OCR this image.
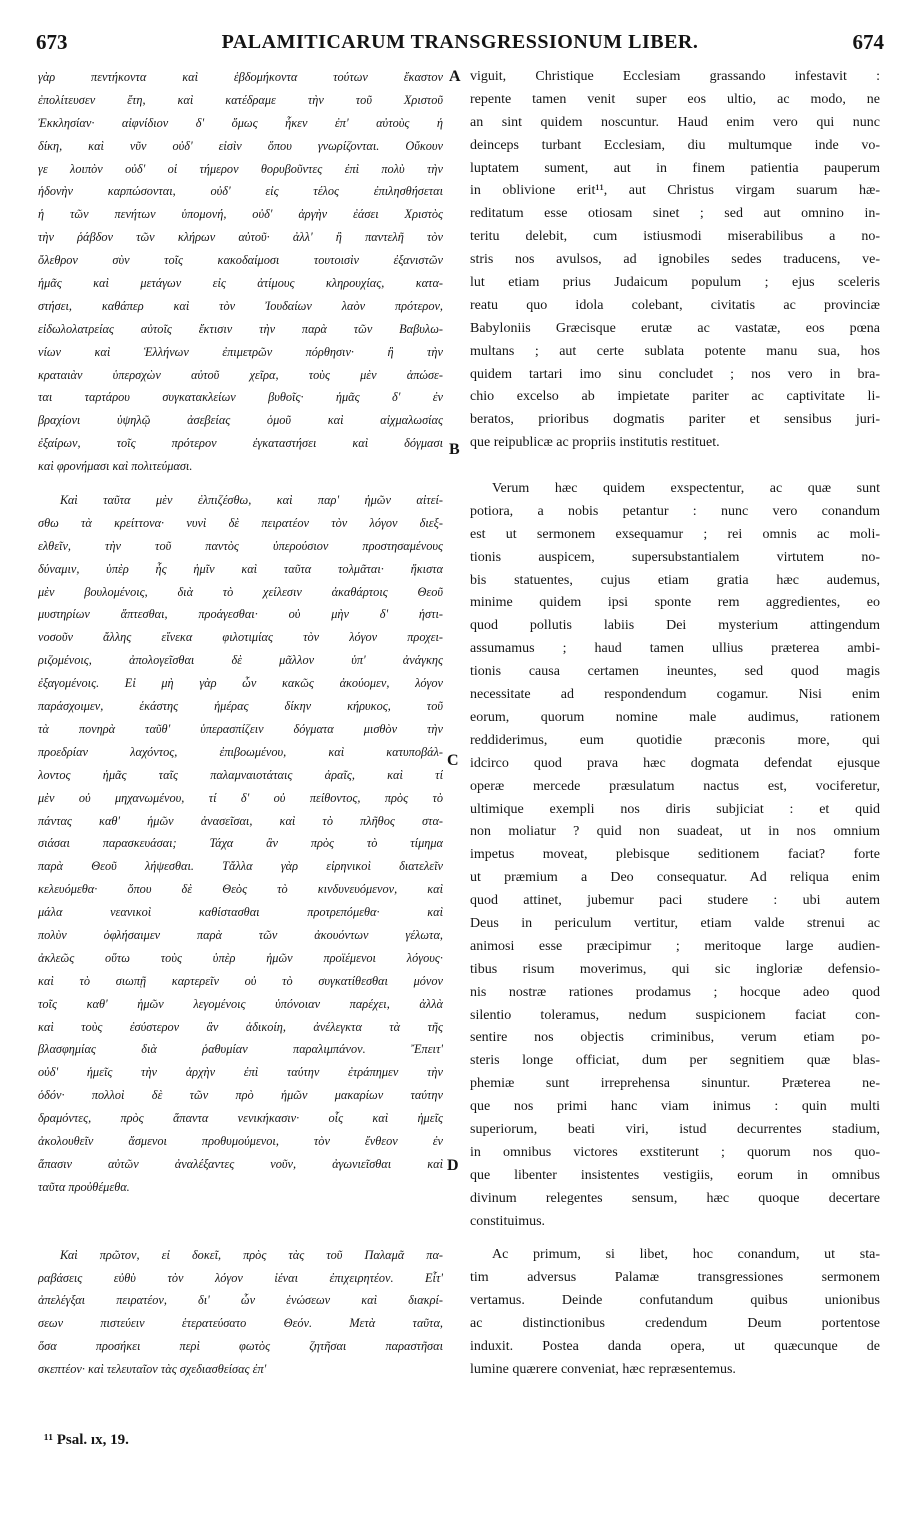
673	PALAMITICARUM TRANSGRESSIONUM LIBER.	674
γὰρ πεντήκοντα καὶ ἑβδομήκοντα τούτων ἕκαστον
ἐπολίτευσεν ἔτη, καὶ κατέδραμε τὴν τοῦ Χριστοῦ
Ἐκκλησίαν· αἰφνίδιον δ' ὅμως ἧκεν ἐπ' αὐτοὺς ἡ
δίκη, καὶ νῦν οὐδ' εἰσὶν ὅπου γνωρίζονται. Οὔκουν
γε λοιπὸν οὐδ' οἱ τήμερον θορυβοῦντες ἐπὶ πολὺ τὴν
ἡδονὴν καρπώσονται, οὐδ' εἰς τέλος ἐπιλησθήσεται
ἡ τῶν πενήτων ὑπομονή, οὐδ' ἀργὴν ἐάσει Χριστὸς
τὴν ῥάβδον τῶν κλήρων αὐτοῦ· ἀλλ' ἢ παντελῆ τὸν
ὄλεθρον σὺν τοῖς κακοδαίμοσι τουτοισὶν ἐξανιστῶν
ἡμᾶς καὶ μετάγων εἰς ἀτίμους κληρουχίας, κατα-
στήσει, καθάπερ καὶ τὸν Ἰουδαίων λαὸν πρότερον,
εἰδωλολατρείας αὐτοῖς ἔκτισιν τὴν παρὰ τῶν Βαβυλω-
νίων καὶ Ἑλλήνων ἐπιμετρῶν πόρθησιν· ἢ τὴν
κραταιὰν ὑπερσχὼν αὐτοῦ χεῖρα, τοὺς μὲν ἀπώσε-
ται ταρτάρου συγκατακλείων βυθοῖς· ἡμᾶς δ' ἐν
βραχίονι ὑψηλῷ ἀσεβείας ὁμοῦ καὶ αἰχμαλωσίας
ἐξαίρων, τοῖς πρότερον ἐγκαταστήσει καὶ δόγμασι
καὶ φρονήμασι καὶ πολιτεύμασι.
Καὶ ταῦτα μὲν ἐλπιζέσθω, καὶ παρ' ἡμῶν αἰτεί-
σθω τὰ κρείττονα· νυνὶ δὲ πειρατέον τὸν λόγον διεξ-
ελθεῖν, τὴν τοῦ παντὸς ὑπερούσιον προστησαμένους
δύναμιν, ὑπὲρ ἧς ἡμῖν καὶ ταῦτα τολμᾶται· ἥκιστα
μὲν βουλομένοις, διὰ τὸ χείλεσιν ἀκαθάρτοις Θεοῦ
μυστηρίων ἅπτεσθαι, προάγεσθαι· οὐ μὴν δ' ἡστι-
νοσοῦν ἄλλης εἵνεκα φιλοτιμίας τὸν λόγον προχει-
ριζομένοις, ἀπολογεῖσθαι δὲ μᾶλλον ὑπ' ἀνάγκης
ἐξαγομένοις. Εἰ μὴ γὰρ ὧν κακῶς ἀκούομεν, λόγον
παράσχοιμεν, ἑκάστης ἡμέρας δίκην κήρυκος, τοῦ
τὰ πονηρὰ ταῦθ' ὑπερασπίζειν δόγματα μισθὸν τὴν
προεδρίαν λαχόντος, ἐπιβοωμένου, καὶ κατυποβάλ-
λοντος ἡμᾶς ταῖς παλαμναιοτάταις ἀραῖς, καὶ τί
μὲν οὐ μηχανωμένου, τί δ' οὐ πείθοντος, πρὸς τὸ
πάντας καθ' ἡμῶν ἀνασεῖσαι, καὶ τὸ πλῆθος στα-
σιάσαι παρασκευάσαι; Τάχα ἂν πρὸς τὸ τίμημα
παρὰ Θεοῦ λήψεσθαι. Τἄλλα γὰρ εἰρηνικοὶ διατελεῖν
κελευόμεθα· ὅπου δὲ Θεὸς τὸ κινδυνευόμενον, καὶ
μάλα νεανικοὶ καθίστασθαι προτρεπόμεθα· καὶ
πολὺν ὀφλήσαιμεν παρὰ τῶν ἀκουόντων γέλωτα,
ἀκλεῶς οὕτω τοὺς ὑπὲρ ἡμῶν προϊέμενοι λόγους·
καὶ τὸ σιωπῇ καρτερεῖν οὐ τὸ συγκατίθεσθαι μόνον
τοῖς καθ' ἡμῶν λεγομένοις ὑπόνοιαν παρέχει, ἀλλὰ
καὶ τοὺς ἐσύστερον ἂν ἀδικοίη, ἀνέλεγκτα τὰ τῆς
βλασφημίας διὰ ῥαθυμίαν παραλιμπάνον. Ἔπειτ'
οὐδ' ἡμεῖς τὴν ἀρχὴν ἐπὶ ταύτην ἐτράπημεν τὴν
ὁδόν· πολλοὶ δὲ τῶν πρὸ ἡμῶν μακαρίων ταύτην
δραμόντες, πρὸς ἅπαντα νενικήκασιν· οἷς καὶ ἡμεῖς
ἀκολουθεῖν ἄσμενοι προθυμούμενοι, τὸν ἔνθεον ἐν
ἅπασιν αὐτῶν ἀναλέξαντες νοῦν, ἀγωνιεῖσθαι καὶ
ταῦτα προὐθέμεθα.
Καὶ πρῶτον, εἰ δοκεῖ, πρὸς τὰς τοῦ Παλαμᾶ πα-
ραβάσεις εὐθὺ τὸν λόγον ἰέναι ἐπιχειρητέον. Εἶτ'
ἀπελέγξαι πειρατέον, δι' ὧν ἑνώσεων καὶ διακρί-
σεων πιστεύειν ἑτερατεύσατο Θεόν. Μετὰ ταῦτα,
ὅσα προσήκει περὶ φωτὸς ζητῆσαι παραστῆσαι
σκεπτέον· καὶ τελευταῖον τὰς σχεδιασθείσας ἐπ'
viguit, Christique Ecclesiam grassando infestavit :
repente tamen venit super eos ultio, ac modo, ne
an sint quidem noscuntur. Haud enim vero qui nunc
deinceps turbant Ecclesiam, diu multumque inde vo-
luptatem sument, aut in finem patientia pauperum
in oblivione erit¹¹, aut Christus virgam suarum hæ-
reditatum esse otiosam sinet ; sed aut omnino in-
teritu delebit, cum istiusmodi miserabilibus a no-
stris nos avulsos, ad ignobiles sedes traducens, ve-
lut etiam prius Judaicum populum ; ejus sceleris
reatu quo idola colebant, civitatis ac provinciæ
Babyloniis Græcisque erutæ ac vastatæ, eos pœna
multans ; aut certe sublata potente manu sua, hos
quidem tartari imo sinu concludet ; nos vero in bra-
chio excelso ab impietate pariter ac captivitate li-
beratos, prioribus dogmatis pariter et sensibus juri-
que reipublicæ ac propriis institutis restituet.
Verum hæc quidem exspectentur, ac quæ sunt
potiora, a nobis petantur : nunc vero conandum
est ut sermonem exsequamur ; rei omnis ac moli-
tionis auspicem, supersubstantialem virtutem no-
bis statuentes, cujus etiam gratia hæc audemus,
minime quidem ipsi sponte rem aggredientes, eo
quod pollutis labiis Dei mysterium attingendum
assumamus ; haud tamen ullius præterea ambi-
tionis causa certamen ineuntes, sed quod magis
necessitate ad respondendum cogamur. Nisi enim
eorum, quorum nomine male audimus, rationem
reddiderimus, eum quotidie præconis more, qui
idcirco quod prava hæc dogmata defendat ejusque
operæ mercede præsulatum nactus est, vociferetur,
ultimique exempli nos diris subjiciat : et quid
non moliatur ? quid non suadeat, ut in nos omnium
impetus moveat, plebisque seditionem faciat? forte
ut præmium a Deo consequatur. Ad reliqua enim
quod attinet, jubemur paci studere : ubi autem
Deus in periculum vertitur, etiam valde strenui ac
animosi esse præcipimur ; meritoque large audien-
tibus risum moverimus, qui sic ingloriæ defensio-
nis nostræ rationes prodamus ; hocque adeo quod
silentio toleramus, nedum suspicionem faciat con-
sentire nos objectis criminibus, verum etiam po-
steris longe officiat, dum per segnitiem quæ blas-
phemiæ sunt irreprehensa sinuntur. Præterea ne-
que nos primi hanc viam inimus : quin multi
superiorum, beati viri, istud decurrentes stadium,
in omnibus victores exstiterunt ; quorum nos quo-
que libenter insistentes vestigiis, eorum in omnibus
divinum relegentes sensum, hæc quoque decertare
constituimus.
Ac primum, si libet, hoc conandum, ut sta-
tim adversus Palamæ transgressiones sermonem
vertamus. Deinde confutandum quibus unionibus
ac distinctionibus credendum Deum portentose
induxit. Postea danda opera, ut quæcunque de
lumine quærere conveniat, hæc repræsentemus.
A
B
C
D
¹¹ Psal. ıx, 19.
